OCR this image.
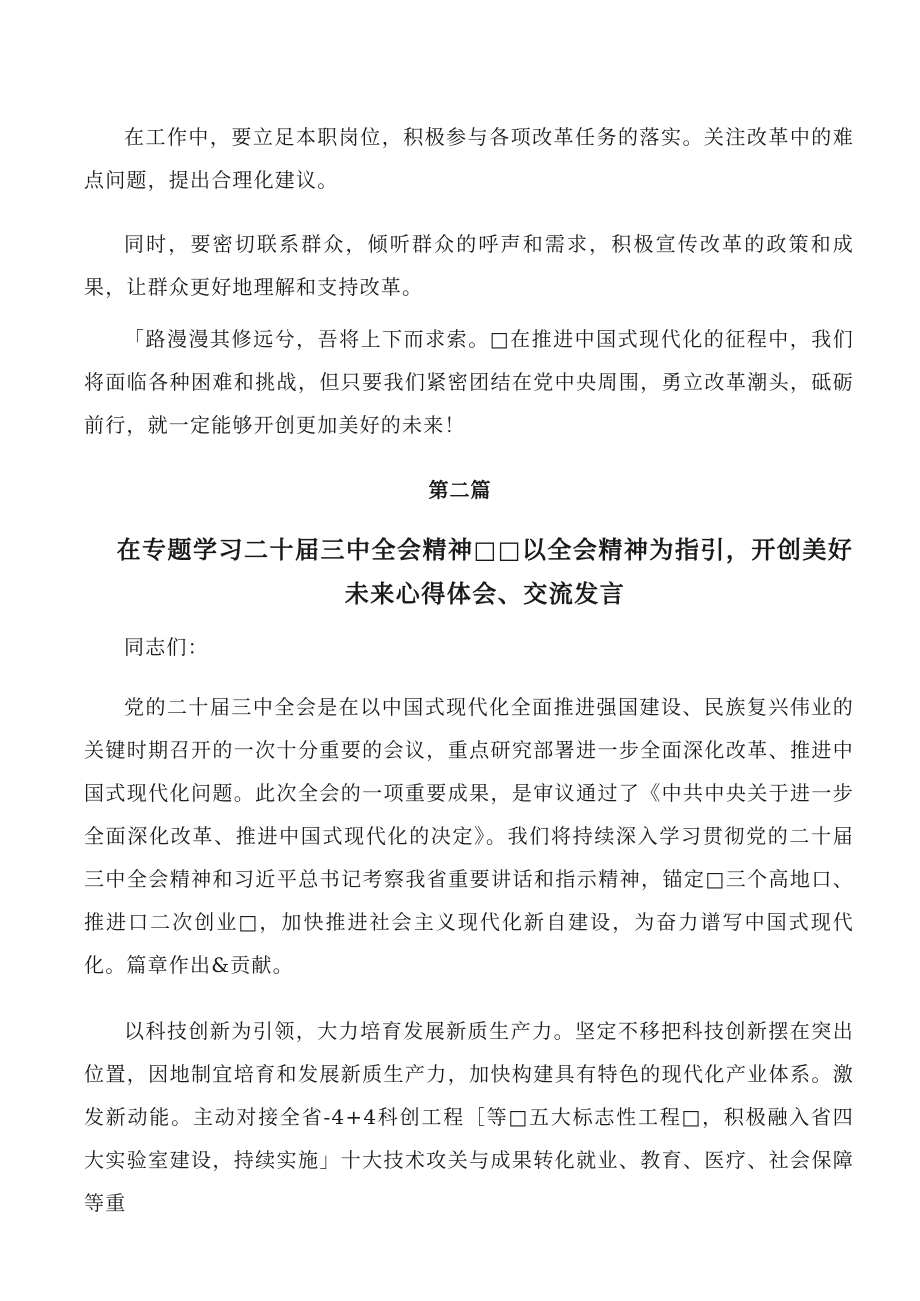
在工作中，要立足本职岗位，积极参与各项改革任务的落实。关注改革中的难点问题，提出合理化建议。

同时，要密切联系群众，倾听群众的呼声和需求，积极宣传改革的政策和成果，让群众更好地理解和支持改革。

「路漫漫其修远兮，吾将上下而求索。□在推进中国式现代化的征程中，我们将面临各种困难和挑战，但只要我们紧密团结在党中央周围，勇立改革潮头，砥砺前行，就一定能够开创更加美好的未来！

第二篇
在专题学习二十届三中全会精神□□以全会精神为指引，开创美好未来心得体会、交流发言

同志们：

党的二十届三中全会是在以中国式现代化全面推进强国建设、民族复兴伟业的关键时期召开的一次十分重要的会议，重点研究部署进一步全面深化改革、推进中国式现代化问题。此次全会的一项重要成果，是审议通过了《中共中央关于进一步全面深化改革、推进中国式现代化的决定》。我们将持续深入学习贯彻党的二十届三中全会精神和习近平总书记考察我省重要讲话和指示精神，锚定□三个高地口、推进口二次创业□，加快推进社会主义现代化新自建设，为奋力谱写中国式现代化。篇章作出&贡献。

以科技创新为引领，大力培育发展新质生产力。坚定不移把科技创新摆在突出位置，因地制宜培育和发展新质生产力，加快构建具有特色的现代化产业体系。激发新动能。主动对接全省-4+4科创工程［等□五大标志性工程□，积极融入省四大实验室建设，持续实施」十大技术攻关与成果转化就业、教育、医疗、社会保障等重
